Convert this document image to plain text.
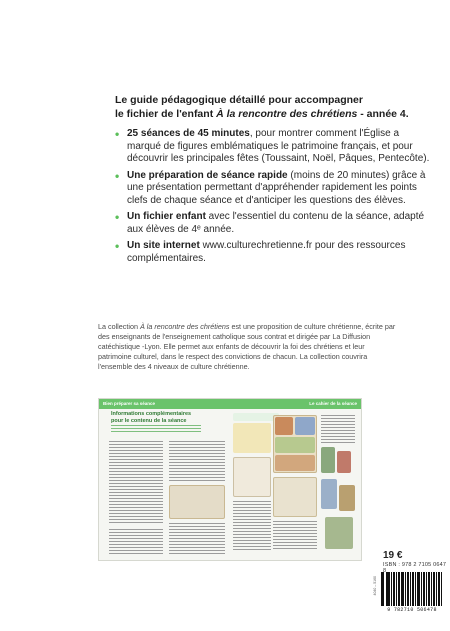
Le guide pédagogique détaillé pour accompagner
le fichier de l'enfant À la rencontre des chrétiens - année 4.
• 25 séances de 45 minutes, pour montrer comment l'Église a marqué de figures emblématiques le patrimoine français, et pour découvrir les principales fêtes (Toussaint, Noël, Pâques, Pentecôte).
• Une préparation de séance rapide (moins de 20 minutes) grâce à une présentation permettant d'appréhender rapidement les points clefs de chaque séance et d'anticiper les questions des élèves.
• Un fichier enfant avec l'essentiel du contenu de la séance, adapté aux élèves de 4ᵉ année.
• Un site internet www.culturechretienne.fr pour des ressources complémentaires.

La collection À la rencontre des chrétiens est une proposition de culture chrétienne, écrite par des enseignants de l'enseignement catholique sous contrat et dirigée par La Diffusion catéchistique -Lyon. Elle permet aux enfants de découvrir la foi des chrétiens et leur patrimoine culturel, dans le respect des convictions de chacun. La collection couvrira l'ensemble des 4 niveaux de culture chrétienne.

Bien préparer sa séance	Le cahier de la séance
Informations complémentaires
pour le contenu de la séance
19 €
ISBN : 978 2 7105 0647 8
4040 – 5160
9 782710 506478
